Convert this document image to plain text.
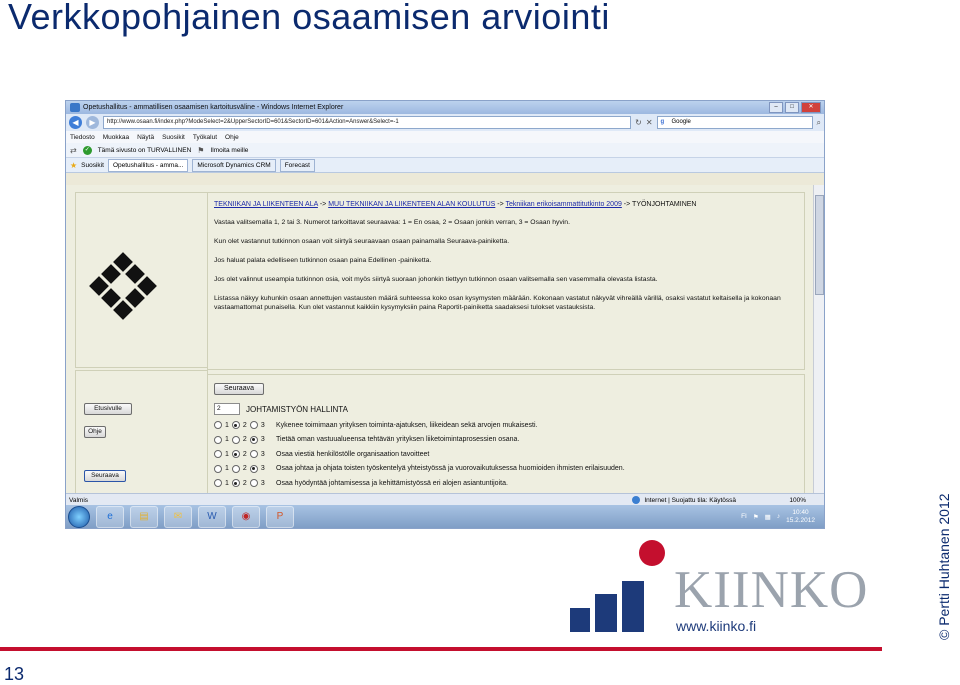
Verkkopohjainen osaamisen arviointi
Opetushallitus - ammatillisen osaamisen kartoitusväline - Windows Internet Explorer	–	□	✕
◀	▶	http://www.osaan.fi/index.php?ModeSelect=2&UpperSectorID=601&SectorID=601&Action=Answer&Select=-1	↻ ✕ g Google	⌕
Tiedosto Muokkaa Näytä Suosikit Työkalut Ohje
⇄	✓	Tämä sivusto on TURVALLINEN ⚑ Ilmoita meille
★ Suosikit	Opetushallitus - amma...	Microsoft Dynamics CRM	Forecast
Etusivulle
Ohje
Seuraava
TEKNIIKAN JA LIIKENTEEN ALA -> MUU TEKNIIKAN JA LIIKENTEEN ALAN KOULUTUS -> Tekniikan erikoisammattitutkinto 2009 -> TYÖNJOHTAMINEN

Vastaa valitsemalla 1, 2 tai 3. Numerot tarkoittavat seuraavaa: 1 = En osaa, 2 = Osaan jonkin verran, 3 = Osaan hyvin.

Kun olet vastannut tutkinnon osaan voit siirtyä seuraavaan osaan painamalla Seuraava-painiketta.

Jos haluat palata edelliseen tutkinnon osaan paina Edellinen -painiketta.

Jos olet valinnut useampia tutkinnon osia, voit myös siirtyä suoraan johonkin tiettyyn tutkinnon osaan valitsemalla sen vasemmalla olevasta listasta.

Listassa näkyy kuhunkin osaan annettujen vastausten määrä suhteessa koko osan kysymysten määrään. Kokonaan vastatut näkyvät vihreällä värillä, osaksi vastatut keltaisella ja kokonaan vastaamattomat punaisella. Kun olet vastannut kaikkiin kysymyksiin paina Raportit-painiketta saadaksesi tulokset vastauksista.

Seuraava
2	JOHTAMISTYÖN HALLINTA
1 2 3 Kykenee toimimaan yrityksen toiminta-ajatuksen, liikeidean sekä arvojen mukaisesti.
1 2 3 Tietää oman vastuualueensa tehtävän yrityksen liiketoimintaprosessien osana.
1 2 3 Osaa viestiä henkilöstölle organisaation tavoitteet
1 2 3 Osaa johtaa ja ohjata toisten työskentelyä yhteistyössä ja vuorovaikutuksessa huomioiden ihmisten erilaisuuden.
1 2 3 Osaa hyödyntää johtamisessa ja kehittämistyössä eri alojen asiantuntijoita.
Valmis	Internet | Suojattu tila: Käytössä	100%
e	▤	✉	W	◉	P	FI ⚑ ▦ ♪
10:40
15.2.2012
KIINKO
www.kiinko.fi
13
© Pertti Huhtanen 2012
